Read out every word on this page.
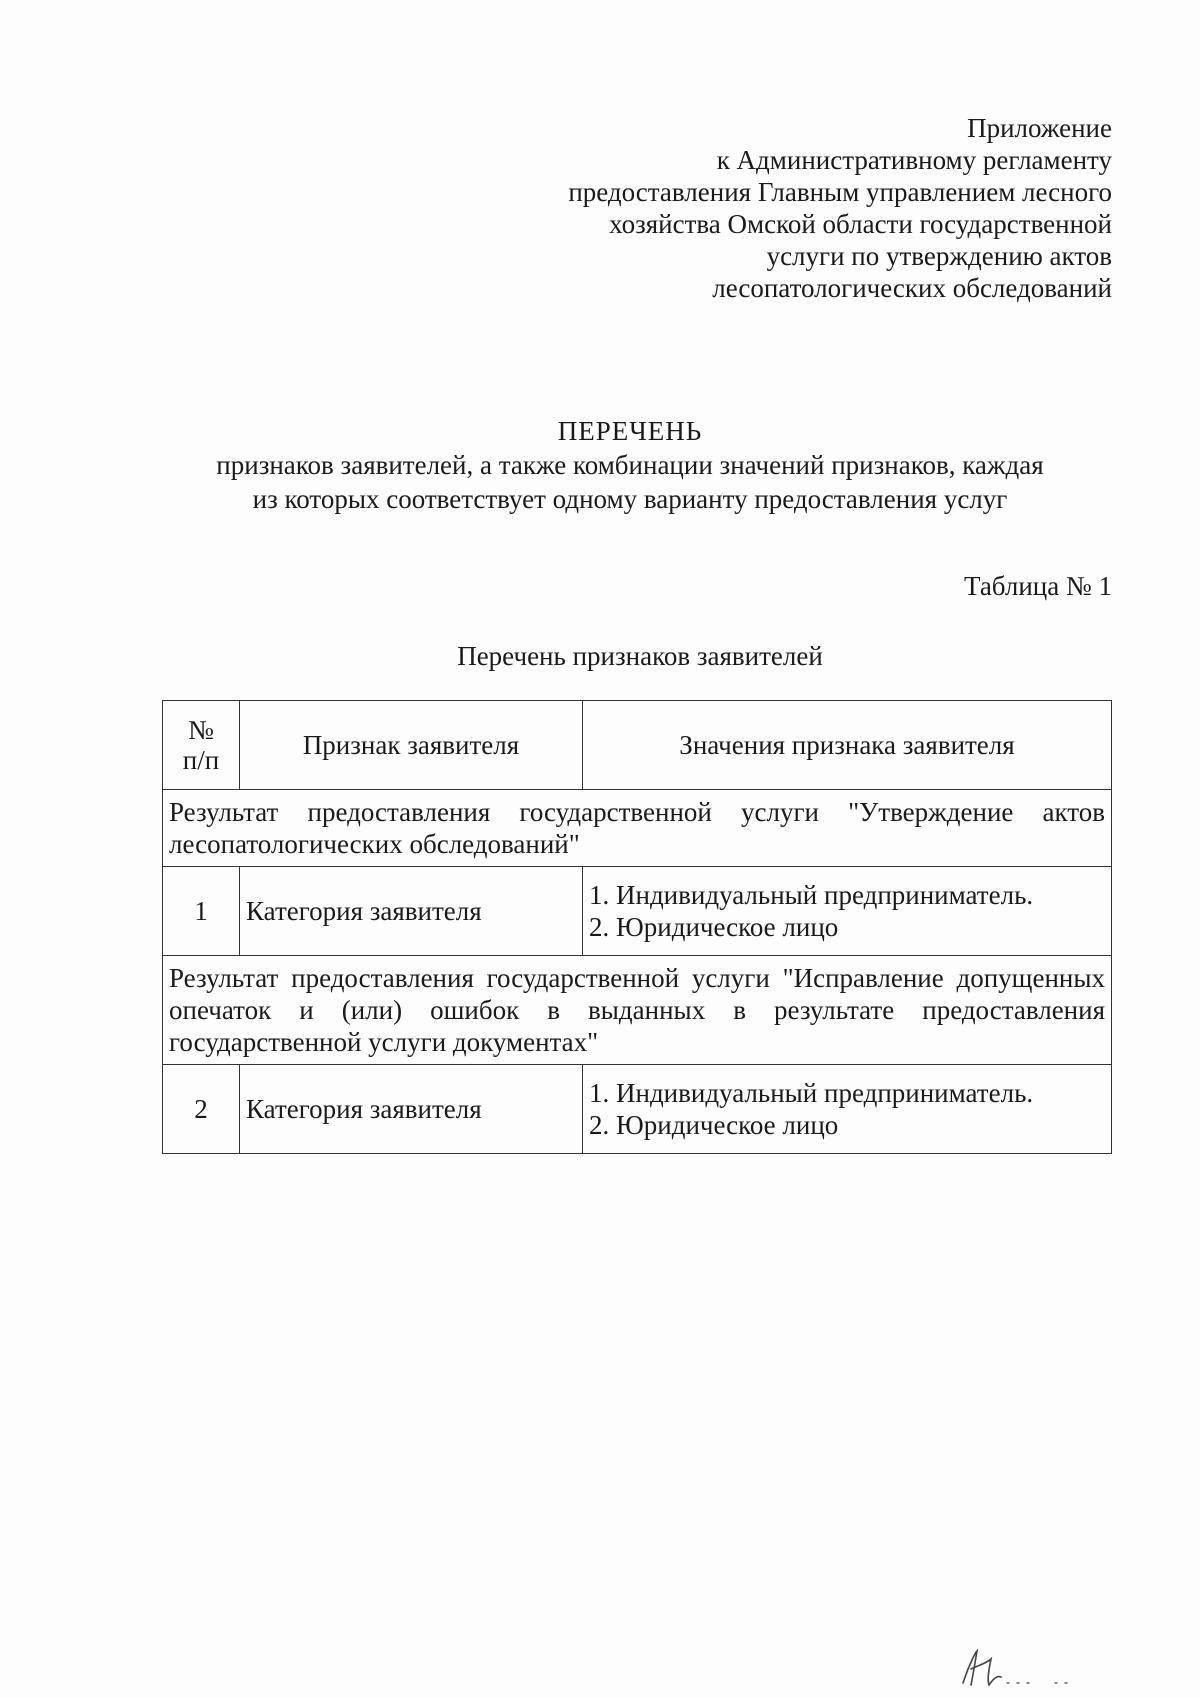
Приложение
к Административному регламенту
предоставления Главным управлением лесного
хозяйства Омской области государственной
услуги по утверждению актов
лесопатологических обследований
ПЕРЕЧЕНЬ
признаков заявителей, а также комбинации значений признаков, каждая
из которых соответствует одному варианту предоставления услуг
Таблица № 1
Перечень признаков заявителей
№
п/п	Признак заявителя	Значения признака заявителя
Результат предоставления государственной услуги "Утверждение актов лесопатологических обследований"		
1	Категория заявителя	1. Индивидуальный предприниматель.
2. Юридическое лицо

Результат предоставления государственной услуги "Исправление допущенных опечаток и (или) ошибок в выданных в результате предоставления государственной услуги документах"		
2	Категория заявителя	1. Индивидуальный предприниматель.
2. Юридическое лицо
